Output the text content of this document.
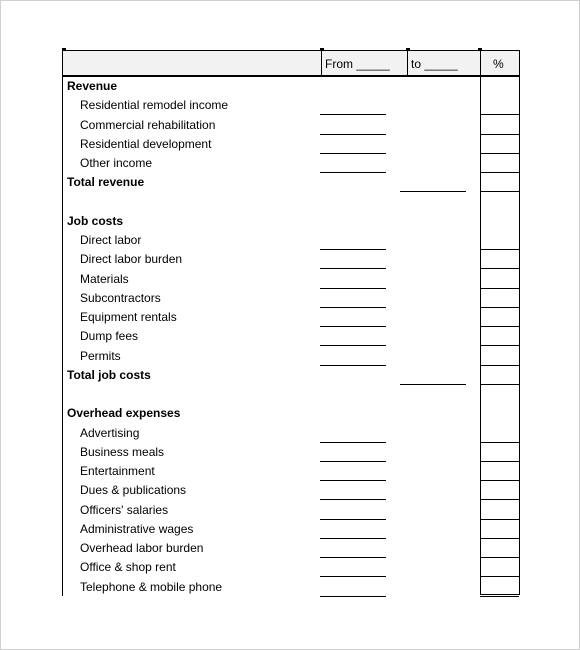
From _____ to _____	%
Revenue
Residential remodel income
Commercial rehabilitation
Residential development
Other income
Total revenue
Job costs
Direct labor
Direct labor burden
Materials
Subcontractors
Equipment rentals
Dump fees
Permits
Total job costs
Overhead expenses
Advertising
Business meals
Entertainment
Dues & publications
Officers' salaries
Administrative wages
Overhead labor burden
Office & shop rent
Telephone & mobile phone
